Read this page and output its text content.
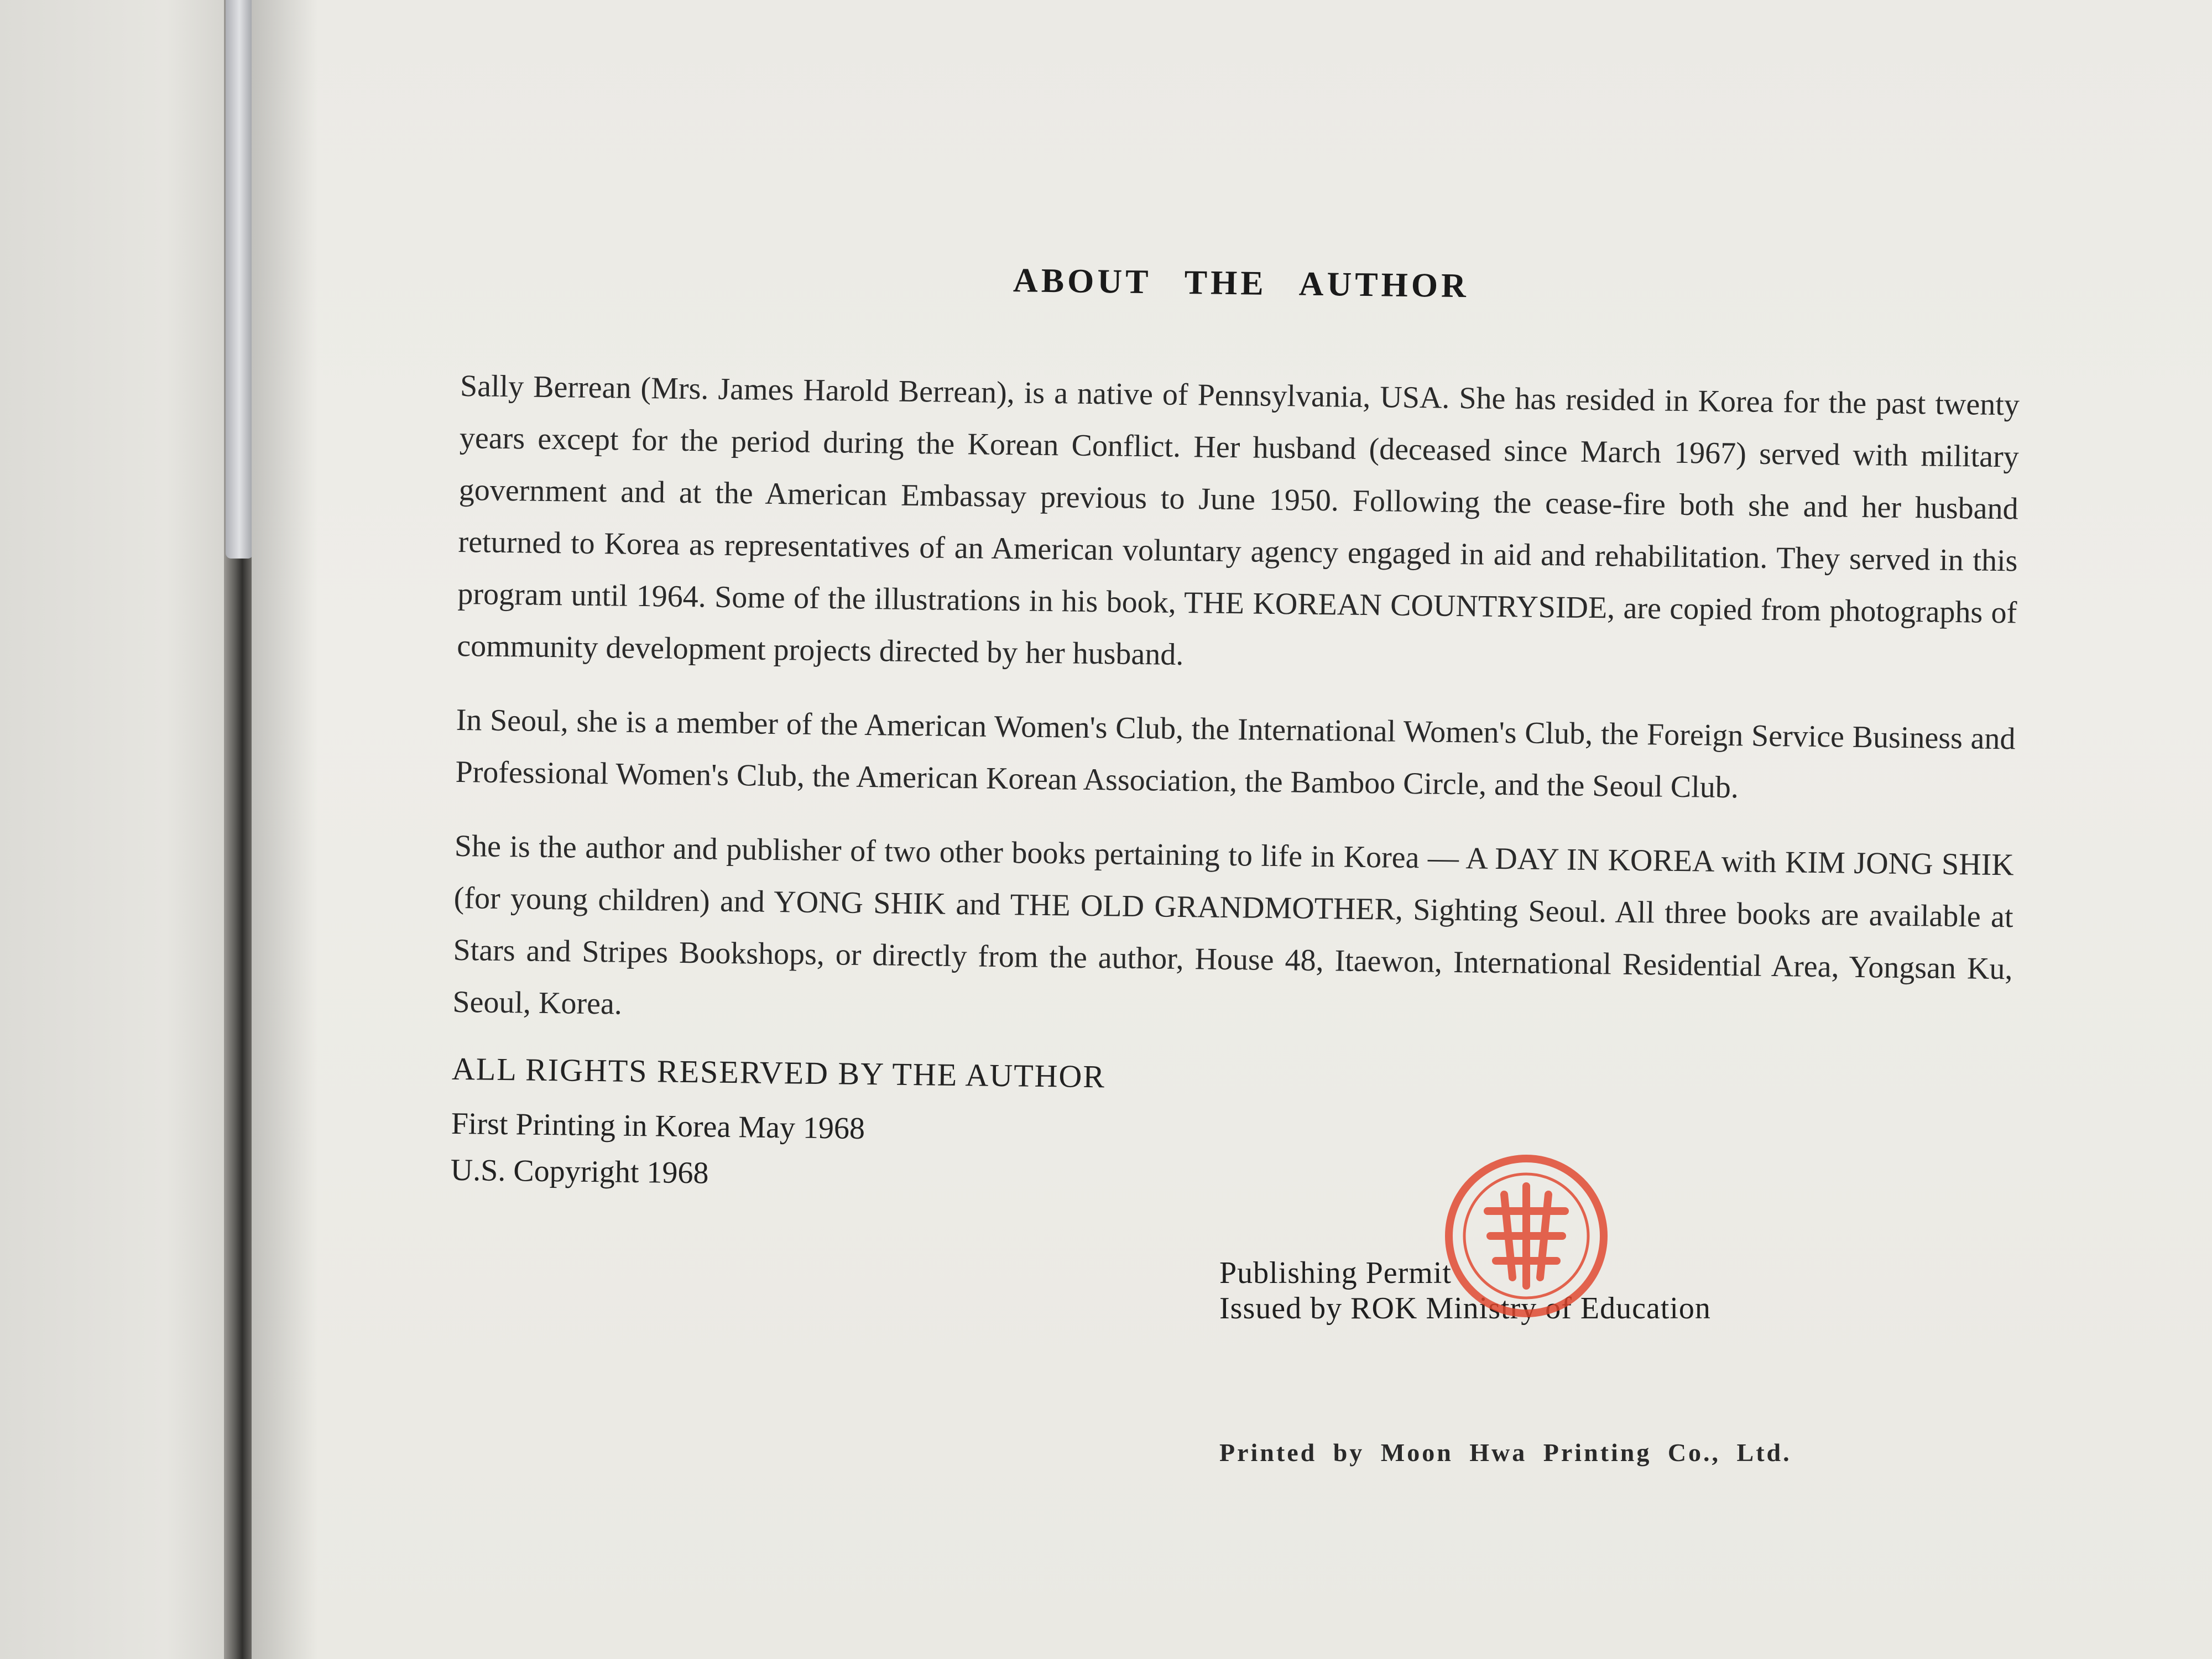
ABOUT THE AUTHOR

Sally Berrean (Mrs. James Harold Berrean), is a native of Pennsylvania, USA. She has resided in Korea for the past twenty years except for the period during the Korean Conflict. Her husband (deceased since March 1967) served with military government and at the American Embassay previous to June 1950. Following the cease-fire both she and her husband returned to Korea as representatives of an American voluntary agency engaged in aid and rehabilitation. They served in this program until 1964. Some of the illustrations in his book, THE KOREAN COUNTRYSIDE, are copied from photographs of community development projects directed by her husband.

In Seoul, she is a member of the American Women's Club, the International Women's Club, the Foreign Service Business and Professional Women's Club, the American Korean Association, the Bamboo Circle, and the Seoul Club.

She is the author and publisher of two other books pertaining to life in Korea — A DAY IN KOREA with KIM JONG SHIK (for young children) and YONG SHIK and THE OLD GRANDMOTHER, Sighting Seoul. All three books are available at Stars and Stripes Bookshops, or directly from the author, House 48, Itaewon, International Residential Area, Yongsan Ku, Seoul, Korea.

ALL RIGHTS RESERVED BY THE AUTHOR
First Printing in Korea May 1968
U.S. Copyright 1968
Publishing Permit
Issued by ROK Ministry of Education
Printed by Moon Hwa Printing Co., Ltd.
